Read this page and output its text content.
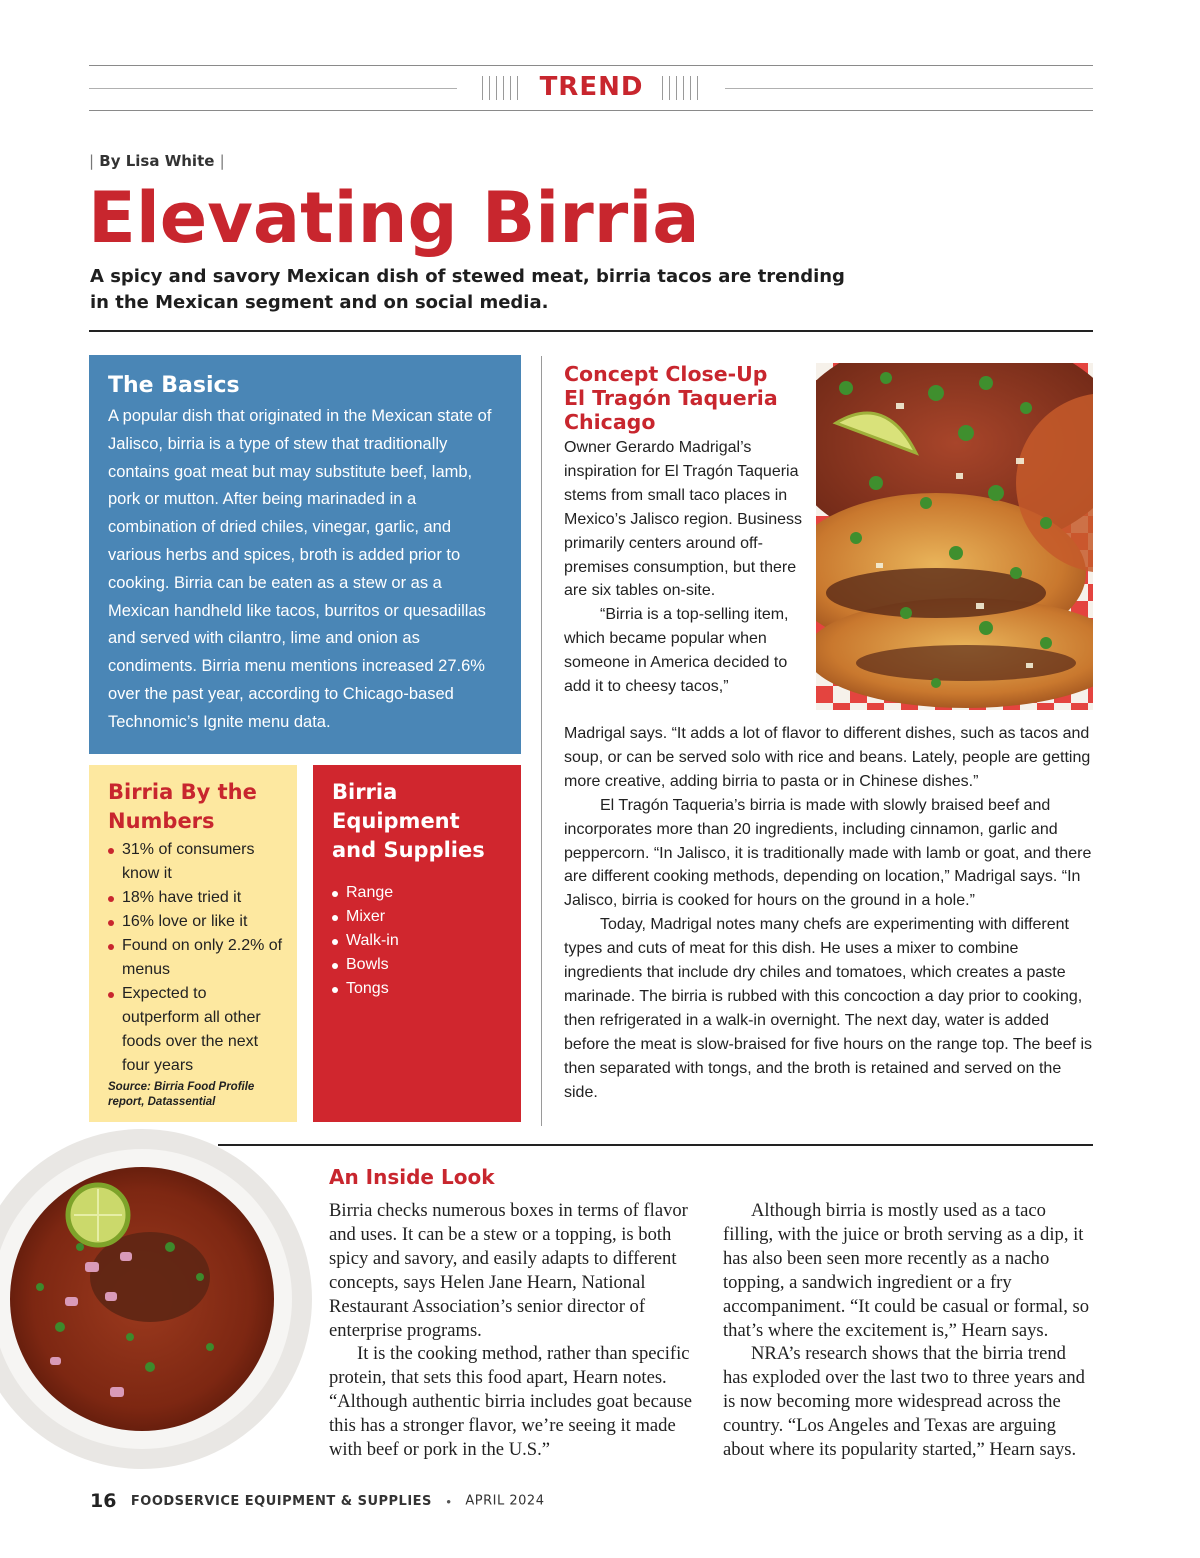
TREND
| By Lisa White |
Elevating Birria

A spicy and savory Mexican dish of stewed meat, birria tacos are trending in the Mexican segment and on social media.

The Basics

A popular dish that originated in the Mexican state of Jalisco, birria is a type of stew that traditionally contains goat meat but may substitute beef, lamb, pork or mutton. After being marinaded in a combination of dried chiles, vinegar, garlic, and various herbs and spices, broth is added prior to cooking. Birria can be eaten as a stew or as a Mexican handheld like tacos, burritos or quesadillas and served with cilantro, lime and onion as condiments. Birria menu mentions increased 27.6% over the past year, according to Chicago-based Technomic’s Ignite menu data.

Birria By the Numbers
31% of consumers know it
18% have tried it
16% love or like it
Found on only 2.2% of menus
Expected to outperform all other foods over the next four years

Source: Birria Food Profile report, Datassential

Birria Equipment and Supplies
Range
Mixer
Walk-in
Bowls
Tongs
Concept Close-Up
El Tragón Taqueria
Chicago

Owner Gerardo Madrigal’s inspiration for El Tragón Taqueria stems from small taco places in Mexico’s Jalisco region. Business primarily centers around off-premises consumption, but there are six tables on-site.

“Birria is a top-selling item, which became popular when someone in America decided to add it to cheesy tacos,”

Madrigal says. “It adds a lot of flavor to different dishes, such as tacos and soup, or can be served solo with rice and beans. Lately, people are getting more creative, adding birria to pasta or in Chinese dishes.”

El Tragón Taqueria’s birria is made with slowly braised beef and incorporates more than 20 ingredients, including cinnamon, garlic and peppercorn. “In Jalisco, it is traditionally made with lamb or goat, and there are different cooking methods, depending on location,” Madrigal says. “In Jalisco, birria is cooked for hours on the ground in a hole.”

Today, Madrigal notes many chefs are experimenting with different types and cuts of meat for this dish. He uses a mixer to combine ingredients that include dry chiles and tomatoes, which creates a paste marinade. The birria is rubbed with this concoction a day prior to cooking, then refrigerated in a walk-in overnight. The next day, water is added before the meat is slow-braised for five hours on the range top. The beef is then separated with tongs, and the broth is retained and served on the side.

An Inside Look

Birria checks numerous boxes in terms of flavor and uses. It can be a stew or a topping, is both spicy and savory, and easily adapts to different concepts, says Helen Jane Hearn, National Restaurant Association’s senior director of enterprise programs.

It is the cooking method, rather than specific protein, that sets this food apart, Hearn notes. “Although authentic birria includes goat because this has a stronger flavor, we’re seeing it made with beef or pork in the U.S.”

Although birria is mostly used as a taco filling, with the juice or broth serving as a dip, it has also been seen more recently as a nacho topping, a sandwich ingredient or a fry accompaniment. “It could be casual or formal, so that’s where the excitement is,” Hearn says.

NRA’s research shows that the birria trend has exploded over the last two to three years and is now becoming more widespread across the country. “Los Angeles and Texas are arguing about where its popularity started,” Hearn says.

16 FOODSERVICE EQUIPMENT & SUPPLIES • APRIL 2024
